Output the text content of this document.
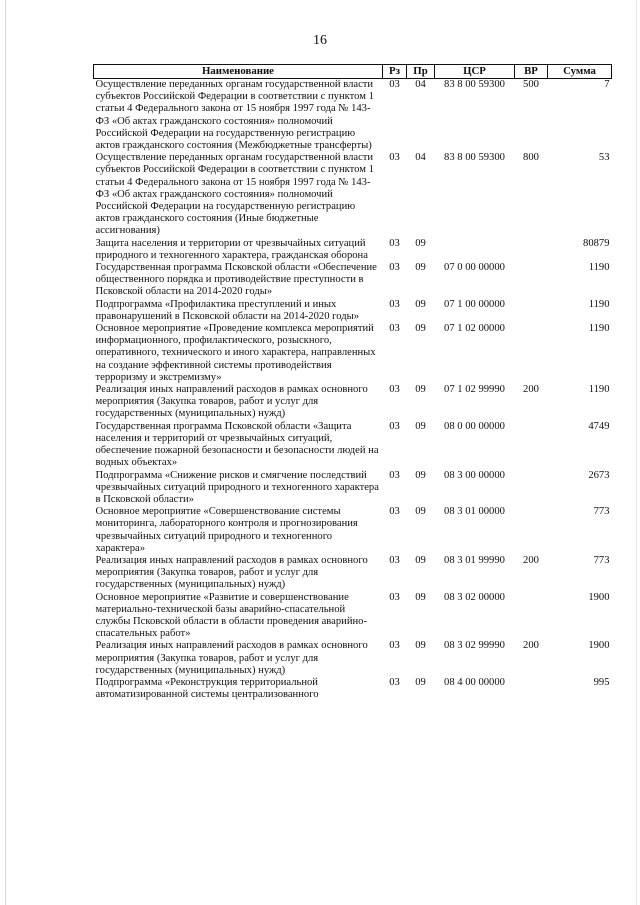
16
Наименование	Рз	Пр	ЦСР	ВР	Сумма
Осуществление переданных органам государственной власти субъектов Российской Федерации в соответствии с пунктом 1 статьи 4 Федерального закона от 15 ноября 1997 года № 143-ФЗ «Об актах гражданского состояния» полномочий Российской Федерации на государственную регистрацию актов гражданского состояния (Межбюджетные трансферты)	03	04	83 8 00 59300	500	7
Осуществление переданных органам государственной власти субъектов Российской Федерации в соответствии с пунктом 1 статьи 4 Федерального закона от 15 ноября 1997 года № 143-ФЗ «Об актах гражданского состояния» полномочий Российской Федерации на государственную регистрацию актов гражданского состояния (Иные бюджетные ассигнования)	03	04	83 8 00 59300	800	53
Защита населения и территории от чрезвычайных ситуаций природного и техногенного характера, гражданская оборона	03	09			80879
Государственная программа Псковской области «Обеспечение общественного порядка и противодействие преступности в Псковской области на 2014-2020 годы»	03	09	07 0 00 00000		1190
Подпрограмма «Профилактика преступлений и иных правонарушений в Псковской области на 2014-2020 годы»	03	09	07 1 00 00000		1190
Основное мероприятие «Проведение комплекса мероприятий информационного, профилактического, розыскного, оперативного, технического и иного характера, направленных на создание эффективной системы противодействия терроризму и экстремизму»	03	09	07 1 02 00000		1190
Реализация иных направлений расходов в рамках основного мероприятия (Закупка товаров, работ и услуг для государственных (муниципальных) нужд)	03	09	07 1 02 99990	200	1190
Государственная программа Псковской области «Защита населения и территорий от чрезвычайных ситуаций, обеспечение пожарной безопасности и безопасности людей на водных объектах»	03	09	08 0 00 00000		4749
Подпрограмма «Снижение рисков и смягчение последствий чрезвычайных ситуаций природного и техногенного характера в Псковской области»	03	09	08 3 00 00000		2673
Основное мероприятие «Совершенствование системы мониторинга, лабораторного контроля и прогнозирования чрезвычайных ситуаций природного и техногенного характера»	03	09	08 3 01 00000		773
Реализация иных направлений расходов в рамках основного мероприятия (Закупка товаров, работ и услуг для государственных (муниципальных) нужд)	03	09	08 3 01 99990	200	773
Основное мероприятие «Развитие и совершенствование материально-технической базы аварийно-спасательной службы Псковской области в области проведения аварийно-спасательных работ»	03	09	08 3 02 00000		1900
Реализация иных направлений расходов в рамках основного мероприятия (Закупка товаров, работ и услуг для государственных (муниципальных) нужд)	03	09	08 3 02 99990	200	1900
Подпрограмма «Реконструкция территориальной автоматизированной системы централизованного	03	09	08 4 00 00000		995
